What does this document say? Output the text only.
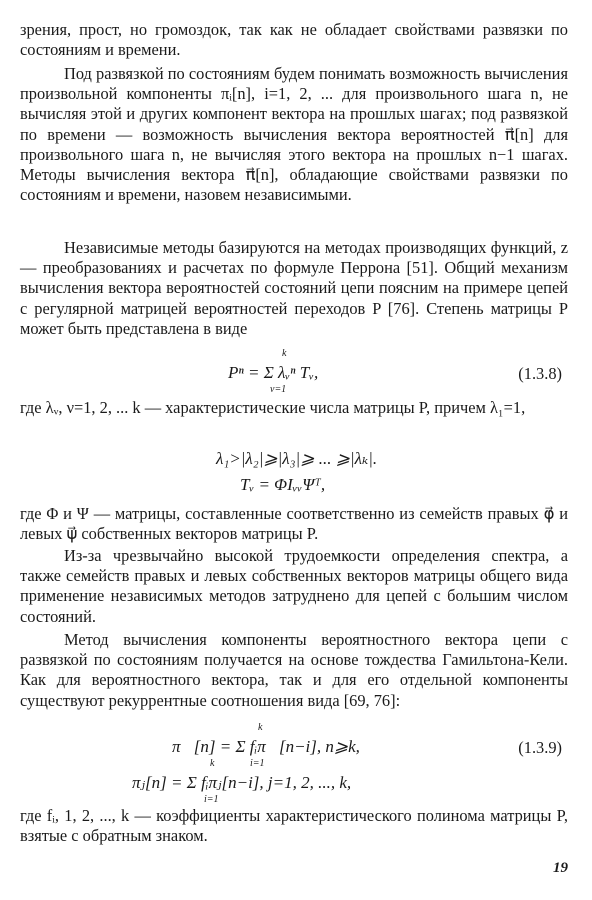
зрения, прост, но громоздок, так как не обладает свойствами развязки по состояниям и времени.
Под развязкой по состояниям будем понимать возможность вычисления произвольной компоненты πᵢ[n], i=1, 2, ... для произвольного шага n, не вычисляя этой и других компонент вектора на прошлых шагах; под развязкой по времени — возможность вычисления вектора вероятностей π⃗[n] для произвольного шага n, не вычисляя этого вектора на прошлых n−1 шагах. Методы вычисления вектора π⃗[n], обладающие свойствами развязки по состояниям и времени, назовем независимыми.
Независимые методы базируются на методах производящих функций, z — преобразованиях и расчетах по формуле Перрона [51]. Общий механизм вычисления вектора вероятностей состояний цепи поясним на примере цепей с регулярной матрицей вероятностей переходов P [76]. Степень матрицы P может быть представлена в виде
Pⁿ = Σ λᵥⁿ Tᵥ,
k
ν=1
(1.3.8)
где λᵥ, ν=1, 2, ... k — характеристические числа матрицы P, причем λ₁=1,
λ₁>|λ₂|⩾|λ₃|⩾ ... ⩾|λₖ|.
Tᵥ = ΦIᵥᵥΨᵀ,
где Φ и Ψ — матрицы, составленные соответственно из семейств правых φ⃗ и левых ψ⃗ собственных векторов матрицы P.
Из-за чрезвычайно высокой трудоемкости определения спектра, а также семейств правых и левых собственных векторов матрицы общего вида применение независимых методов затруднено для цепей с большим числом состояний.
Метод вычисления компоненты вероятностного вектора цепи с развязкой по состояниям получается на основе тождества Гамильтона-Кели. Как для вероятностного вектора, так и для его отдельной компоненты существуют рекуррентные соотношения вида [69, 76]:
π⃗[n] = Σ fᵢπ⃗[n−i], n⩾k,
k
i=1
(1.3.9)
πⱼ[n] = Σ fᵢπⱼ[n−i], j=1, 2, ..., k,
k
i=1
где fᵢ, 1, 2, ..., k — коэффициенты характеристического полинома матрицы P, взятые с обратным знаком.
19
